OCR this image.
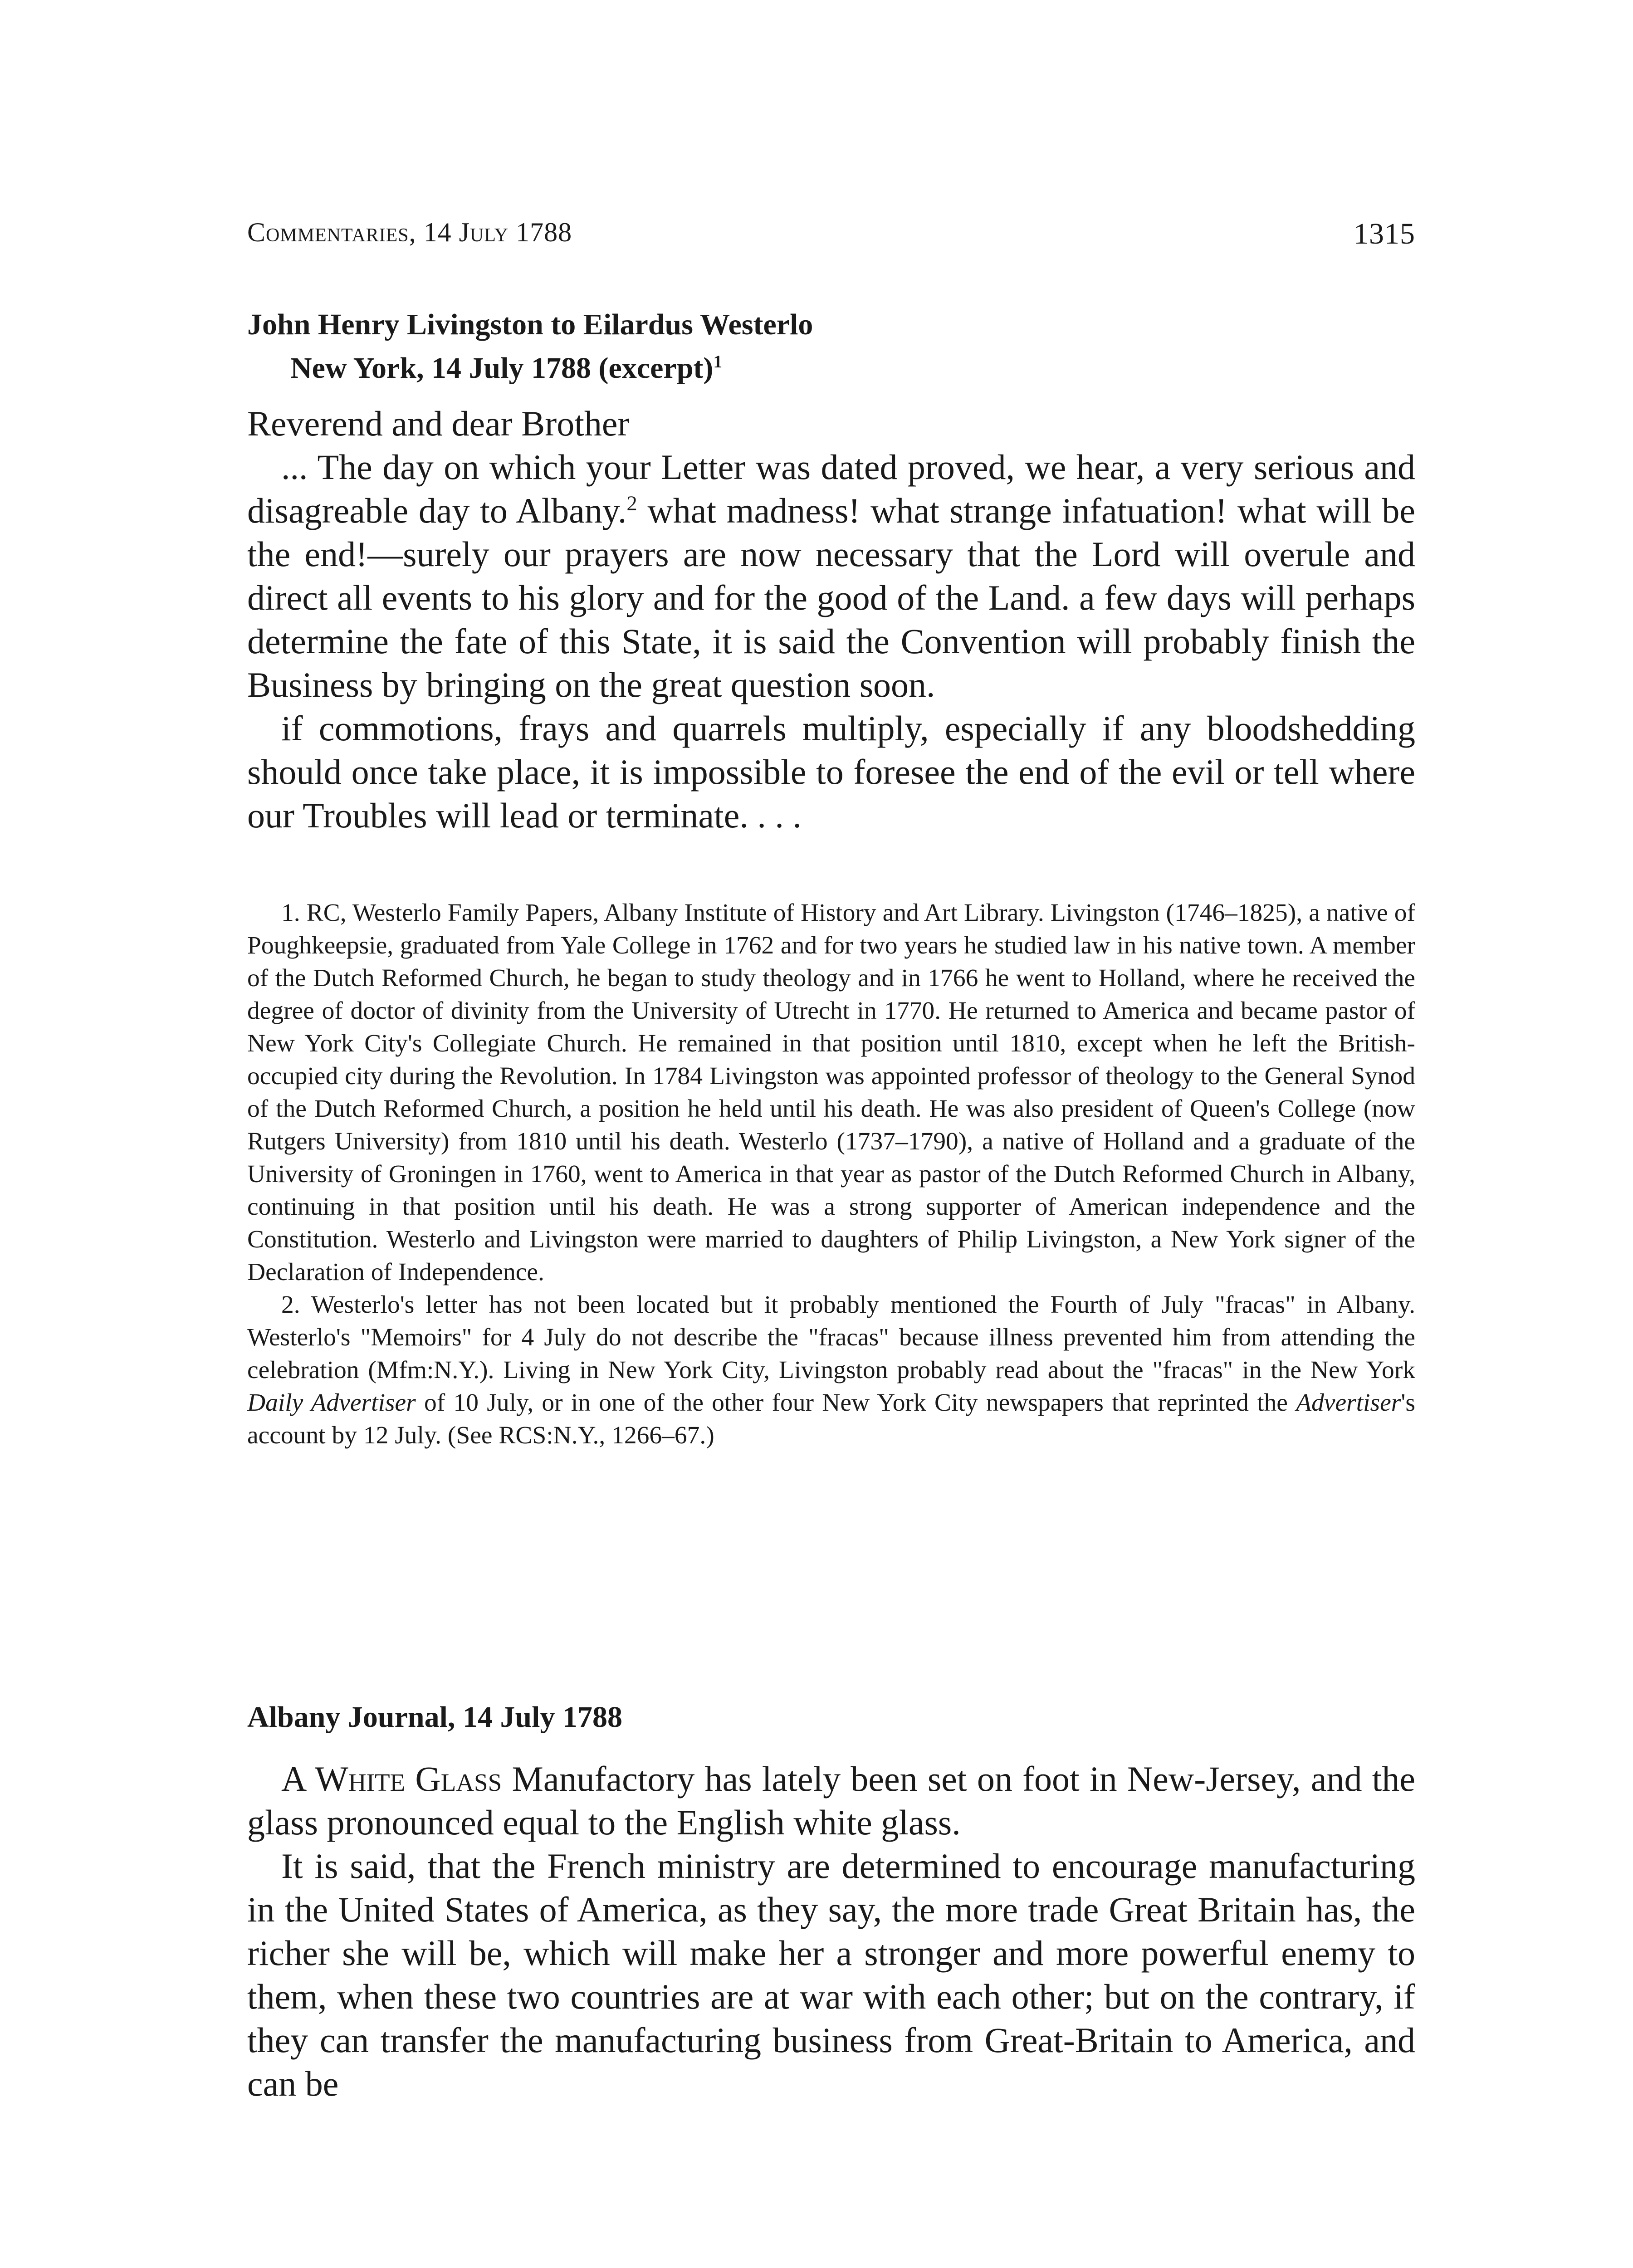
Commentaries, 14 July 1788	1315
John Henry Livingston to Eilardus Westerlo
New York, 14 July 1788 (excerpt)$^1$

Reverend and dear Brother

... The day on which your Letter was dated proved, we hear, a very serious and disagreable day to Albany.$^2$ what madness! what strange infatuation! what will be the end!—surely our prayers are now necessary that the Lord will overule and direct all events to his glory and for the good of the Land. a few days will perhaps determine the fate of this State, it is said the Convention will probably finish the Business by bringing on the great question soon.

if commotions, frays and quarrels multiply, especially if any bloodshedding should once take place, it is impossible to foresee the end of the evil or tell where our Troubles will lead or terminate. . . .

1. RC, Westerlo Family Papers, Albany Institute of History and Art Library. Livingston (1746–1825), a native of Poughkeepsie, graduated from Yale College in 1762 and for two years he studied law in his native town. A member of the Dutch Reformed Church, he began to study theology and in 1766 he went to Holland, where he received the degree of doctor of divinity from the University of Utrecht in 1770. He returned to America and became pastor of New York City's Collegiate Church. He remained in that position until 1810, except when he left the British-occupied city during the Revolution. In 1784 Livingston was appointed professor of theology to the General Synod of the Dutch Reformed Church, a position he held until his death. He was also president of Queen's College (now Rutgers University) from 1810 until his death. Westerlo (1737–1790), a native of Holland and a graduate of the University of Groningen in 1760, went to America in that year as pastor of the Dutch Reformed Church in Albany, continuing in that position until his death. He was a strong supporter of American independence and the Constitution. Westerlo and Livingston were married to daughters of Philip Livingston, a New York signer of the Declaration of Independence.

2. Westerlo's letter has not been located but it probably mentioned the Fourth of July "fracas" in Albany. Westerlo's "Memoirs" for 4 July do not describe the "fracas" because illness prevented him from attending the celebration (Mfm:N.Y.). Living in New York City, Livingston probably read about the "fracas" in the New York Daily Advertiser of 10 July, or in one of the other four New York City newspapers that reprinted the Advertiser's account by 12 July. (See RCS:N.Y., 1266–67.)

Albany Journal, 14 July 1788

A White Glass Manufactory has lately been set on foot in New-Jersey, and the glass pronounced equal to the English white glass.

It is said, that the French ministry are determined to encourage manufacturing in the United States of America, as they say, the more trade Great Britain has, the richer she will be, which will make her a stronger and more powerful enemy to them, when these two countries are at war with each other; but on the contrary, if they can transfer the manufacturing business from Great-Britain to America, and can be
